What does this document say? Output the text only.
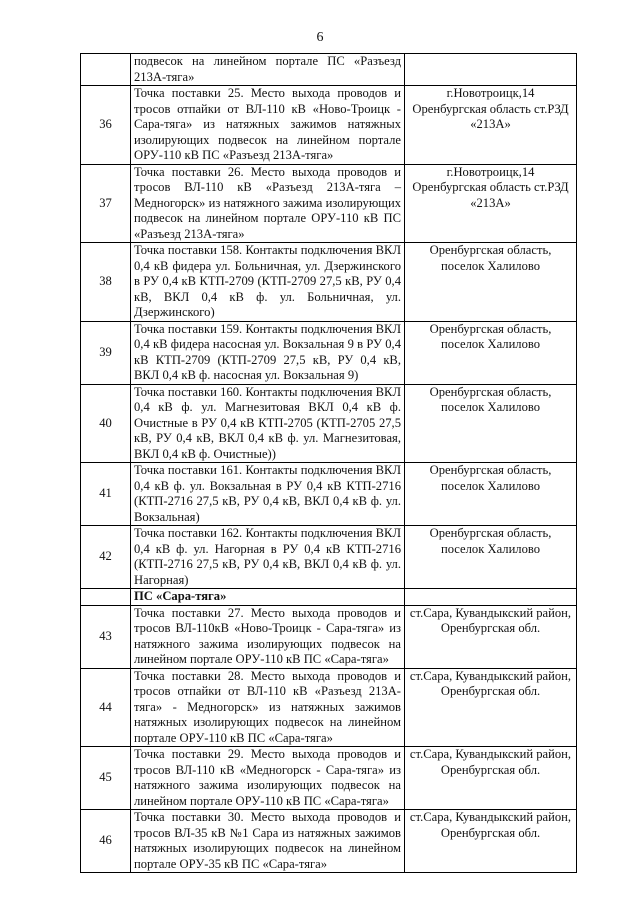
6
	подвесок на линейном портале ПС «Разъезд 213А-тяга»	
36	Точка поставки 25. Место выхода проводов и тросов отпайки от ВЛ-110 кВ «Ново-Троицк - Сара-тяга» из натяжных зажимов натяжных изолирующих подвесок на линейном портале ОРУ-110 кВ ПС «Разъезд 213А-тяга»	г.Новотроицк,14 Оренбургская область ст.РЗД «213А»
37	Точка поставки 26. Место выхода проводов и тросов ВЛ-110 кВ «Разъезд 213А-тяга – Медногорск» из натяжного зажима изолирующих подвесок на линейном портале ОРУ-110 кВ ПС «Разъезд 213А-тяга»	г.Новотроицк,14 Оренбургская область ст.РЗД «213А»
38	Точка поставки 158. Контакты подключения ВКЛ 0,4 кВ фидера ул. Больничная, ул. Дзержинского в РУ 0,4 кВ КТП-2709 (КТП-2709 27,5 кВ, РУ 0,4 кВ, ВКЛ 0,4 кВ ф. ул. Больничная, ул. Дзержинского)	Оренбургская область, поселок Халилово
39	Точка поставки 159. Контакты подключения ВКЛ 0,4 кВ фидера насосная ул. Вокзальная 9 в РУ 0,4 кВ КТП-2709 (КТП-2709 27,5 кВ, РУ 0,4 кВ, ВКЛ 0,4 кВ ф. насосная ул. Вокзальная 9)	Оренбургская область, поселок Халилово
40	Точка поставки 160. Контакты подключения ВКЛ 0,4 кВ ф. ул. Магнезитовая ВКЛ 0,4 кВ ф. Очистные в РУ 0,4 кВ КТП-2705 (КТП-2705 27,5 кВ, РУ 0,4 кВ, ВКЛ 0,4 кВ ф. ул. Магнезитовая, ВКЛ 0,4 кВ ф. Очистные))	Оренбургская область, поселок Халилово
41	Точка поставки 161. Контакты подключения ВКЛ 0,4 кВ ф. ул. Вокзальная в РУ 0,4 кВ КТП-2716 (КТП-2716 27,5 кВ, РУ 0,4 кВ, ВКЛ 0,4 кВ ф. ул. Вокзальная)	Оренбургская область, поселок Халилово
42	Точка поставки 162. Контакты подключения ВКЛ 0,4 кВ ф. ул. Нагорная в РУ 0,4 кВ КТП-2716 (КТП-2716 27,5 кВ, РУ 0,4 кВ, ВКЛ 0,4 кВ ф. ул. Нагорная)	Оренбургская область, поселок Халилово
	ПС «Сара-тяга»	
43	Точка поставки 27. Место выхода проводов и тросов ВЛ-110кВ «Ново-Троицк - Сара-тяга» из натяжного зажима изолирующих подвесок на линейном портале ОРУ-110 кВ ПС «Сара-тяга»	ст.Сара, Кувандыкский район, Оренбургская обл.
44	Точка поставки 28. Место выхода проводов и тросов отпайки от ВЛ-110 кВ «Разъезд 213А-тяга» - Медногорск» из натяжных зажимов натяжных изолирующих подвесок на линейном портале ОРУ-110 кВ ПС «Сара-тяга»	ст.Сара, Кувандыкский район, Оренбургская обл.
45	Точка поставки 29. Место выхода проводов и тросов ВЛ-110 кВ «Медногорск - Сара-тяга» из натяжного зажима изолирующих подвесок на линейном портале ОРУ-110 кВ ПС «Сара-тяга»	ст.Сара, Кувандыкский район, Оренбургская обл.
46	Точка поставки 30. Место выхода проводов и тросов ВЛ-35 кВ №1 Сара из натяжных зажимов натяжных изолирующих подвесок на линейном портале ОРУ-35 кВ ПС «Сара-тяга»	ст.Сара, Кувандыкский район, Оренбургская обл.
